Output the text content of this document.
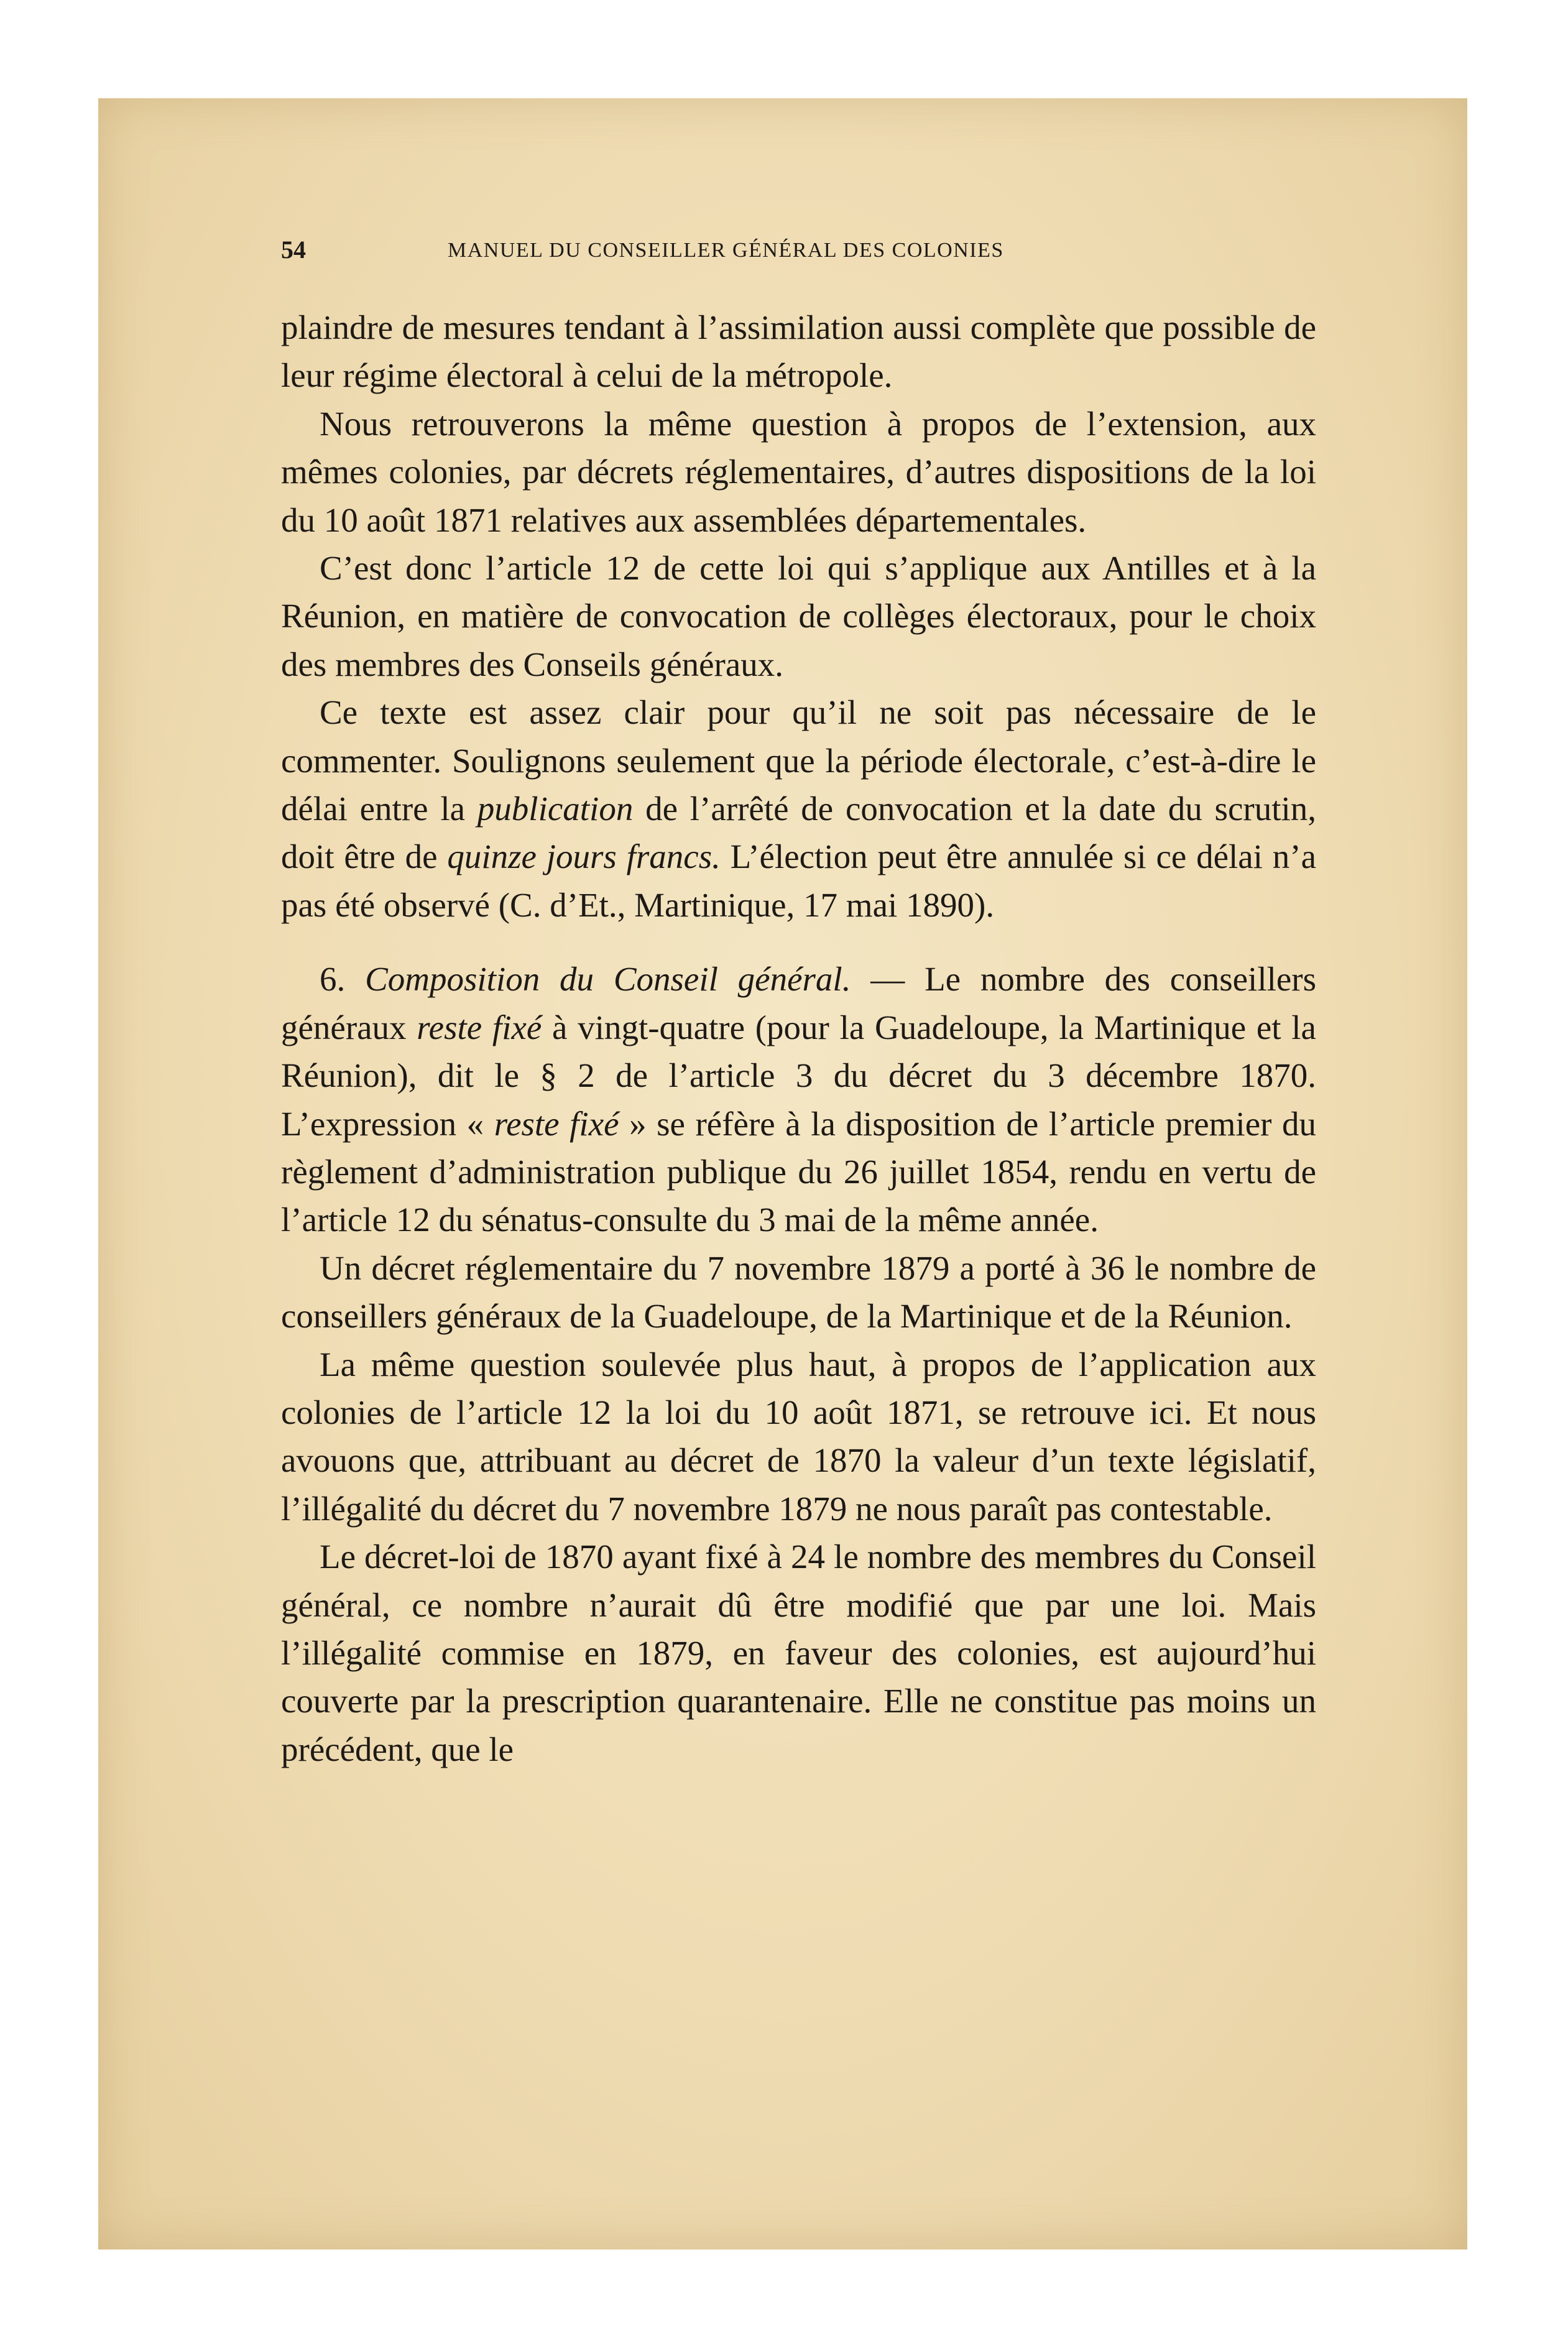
54	MANUEL DU CONSEILLER GÉNÉRAL DES COLONIES

plaindre de mesures tendant à l’assimilation aussi complète que possible de leur régime électoral à celui de la métropole.

Nous retrouverons la même question à propos de l’extension, aux mêmes colonies, par décrets réglementaires, d’autres dispositions de la loi du 10 août 1871 relatives aux assemblées départementales.

C’est donc l’article 12 de cette loi qui s’applique aux Antilles et à la Réunion, en matière de convocation de collèges électoraux, pour le choix des membres des Conseils généraux.

Ce texte est assez clair pour qu’il ne soit pas nécessaire de le commenter. Soulignons seulement que la période électorale, c’est-à-dire le délai entre la publication de l’arrêté de convocation et la date du scrutin, doit être de quinze jours francs. L’élection peut être annulée si ce délai n’a pas été observé (C. d’Et., Martinique, 17 mai 1890).

6. Composition du Conseil général. — Le nombre des conseillers généraux reste fixé à vingt-quatre (pour la Guadeloupe, la Martinique et la Réunion), dit le § 2 de l’article 3 du décret du 3 décembre 1870. L’expression « reste fixé » se réfère à la disposition de l’article premier du règlement d’administration publique du 26 juillet 1854, rendu en vertu de l’article 12 du sénatus-consulte du 3 mai de la même année.

Un décret réglementaire du 7 novembre 1879 a porté à 36 le nombre de conseillers généraux de la Guadeloupe, de la Martinique et de la Réunion.

La même question soulevée plus haut, à propos de l’application aux colonies de l’article 12 la loi du 10 août 1871, se retrouve ici. Et nous avouons que, attribuant au décret de 1870 la valeur d’un texte législatif, l’illégalité du décret du 7 novembre 1879 ne nous paraît pas contestable.

Le décret-loi de 1870 ayant fixé à 24 le nombre des membres du Conseil général, ce nombre n’aurait dû être modifié que par une loi. Mais l’illégalité commise en 1879, en faveur des colonies, est aujourd’hui couverte par la prescription quarantenaire. Elle ne constitue pas moins un précédent, que le
